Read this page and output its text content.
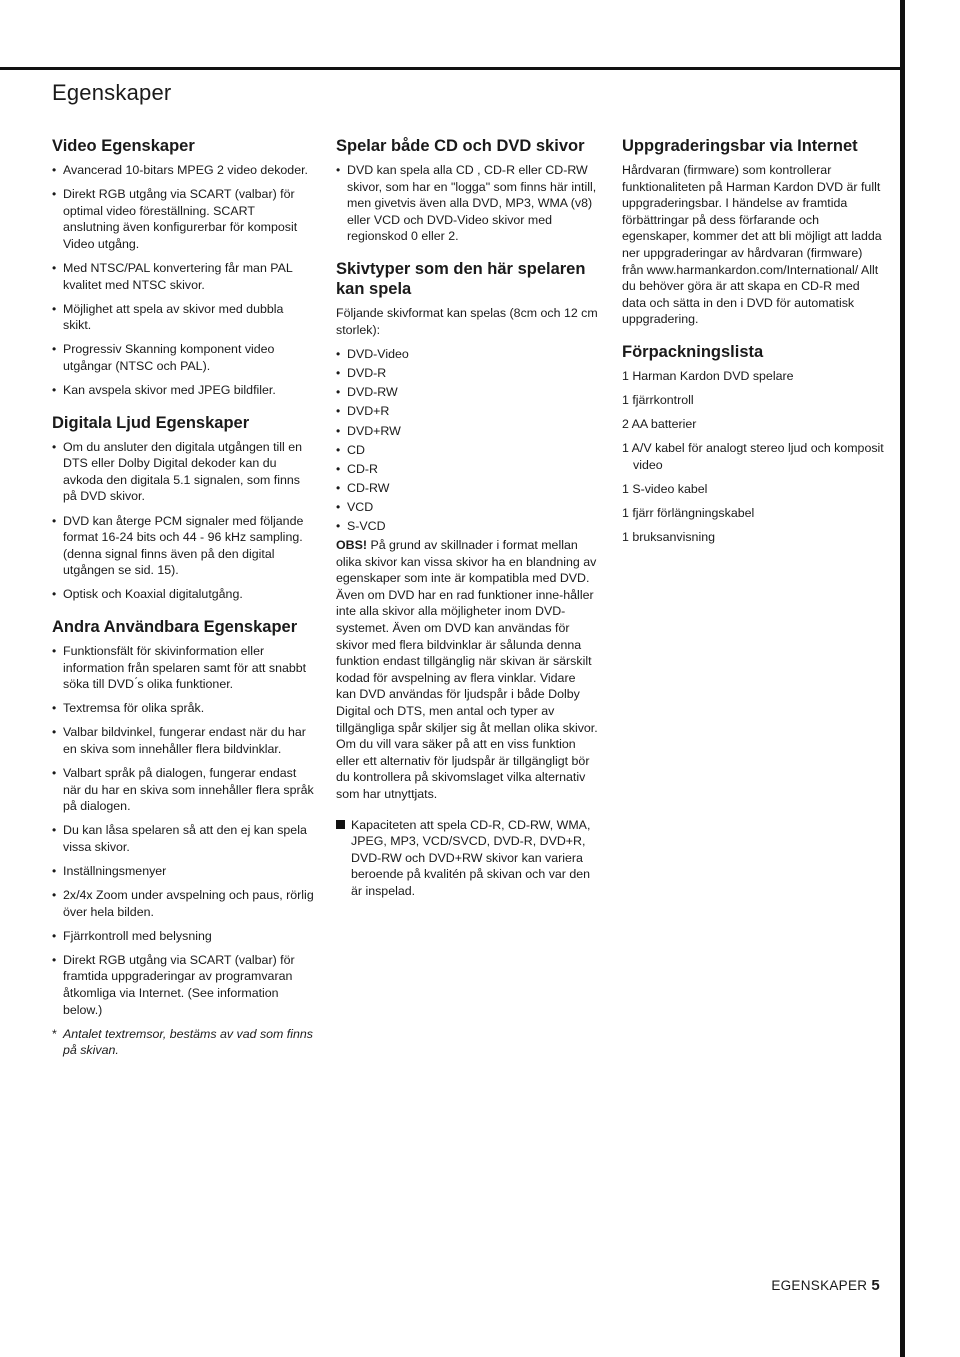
Egenskaper
Video Egenskaper
• Avancerad 10-bitars MPEG 2 video dekoder.
• Direkt RGB utgång via SCART (valbar) för optimal video föreställning. SCART anslutning även konfigurerbar för komposit Video utgång.
• Med NTSC/PAL konvertering får man PAL kvalitet med NTSC skivor.
• Möjlighet att spela av skivor med dubbla skikt.
• Progressiv Skanning komponent video utgångar (NTSC och PAL).
• Kan avspela skivor med JPEG bildfiler.
Digitala Ljud Egenskaper
• Om du ansluter den digitala utgången till en DTS eller Dolby Digital dekoder kan du avkoda den digitala 5.1 signalen, som finns på DVD skivor.
• DVD kan återge PCM signaler med följande format 16-24 bits och 44 - 96 kHz sampling. (denna signal finns även på den digital utgången se sid. 15).
• Optisk och Koaxial digitalutgång.
Andra Användbara Egenskaper
• Funktionsfält för skivinformation eller information från spelaren samt för att snabbt söka till DVD ́s olika funktioner.
• Textremsa för olika språk.
• Valbar bildvinkel, fungerar endast när du har en skiva som innehåller flera bildvinklar.
• Valbart språk på dialogen, fungerar endast när du har en skiva som innehåller flera språk på dialogen.
• Du kan låsa spelaren så att den ej kan spela vissa skivor.
• Inställningsmenyer
• 2x/4x Zoom under avspelning och paus, rörlig över hela bilden.
• Fjärrkontroll med belysning
• Direkt RGB utgång via SCART (valbar) för framtida uppgraderingar av programvaran åtkomliga via Internet. (See information below.)
* Antalet textremsor, bestäms av vad som finns på skivan.
Spelar både CD och DVD skivor
• DVD kan spela alla CD , CD-R eller CD-RW skivor, som har en "logga" som finns här intill, men givetvis även alla DVD, MP3, WMA (v8) eller VCD och DVD-Video skivor med regionskod 0 eller 2.
Skivtyper som den här spelaren kan spela

Följande skivformat kan spelas (8cm och 12 cm storlek):

• DVD-Video
• DVD-R
• DVD-RW
• DVD+R
• DVD+RW
• CD
• CD-R
• CD-RW
• VCD
• S-VCD

OBS! På grund av skillnader i format mellan olika skivor kan vissa skivor ha en blandning av egenskaper som inte är kompatibla med DVD. Även om DVD har en rad funktioner inne-håller inte alla skivor alla möjligheter inom DVD-systemet. Även om DVD kan användas för skivor med flera bildvinklar är sålunda denna funktion endast tillgänglig när skivan är särskilt kodad för avspelning av flera vinklar. Vidare kan DVD användas för ljudspår i både Dolby Digital och DTS, men antal och typer av tillgängliga spår skiljer sig åt mellan olika skivor. Om du vill vara säker på att en viss funktion eller ett alternativ för ljudspår är tillgängligt bör du kontrollera på skivomslaget vilka alternativ som har utnyttjats.

Kapaciteten att spela CD-R, CD-RW, WMA, JPEG, MP3, VCD/SVCD, DVD-R, DVD+R, DVD-RW och DVD+RW skivor kan variera beroende på kvalitén på skivan och var den är inspelad.
Uppgraderingsbar via Internet

Hårdvaran (firmware) som kontrollerar funktionaliteten på Harman Kardon DVD är fullt uppgraderingsbar. I händelse av framtida förbättringar på dess förfarande och egenskaper, kommer det att bli möjligt att ladda ner uppgraderingar av hårdvaran (firmware) från www.harmankardon.com/International/ Allt du behöver göra är att skapa en CD-R med data och sätta in den i DVD för automatisk uppgradering.

Förpackningslista
1 Harman Kardon DVD spelare
1 fjärrkontroll
2 AA batterier
1 A/V kabel för analogt stereo ljud och komposit video
1 S-video kabel
1 fjärr förlängningskabel
1 bruksanvisning
EGENSKAPER 5
